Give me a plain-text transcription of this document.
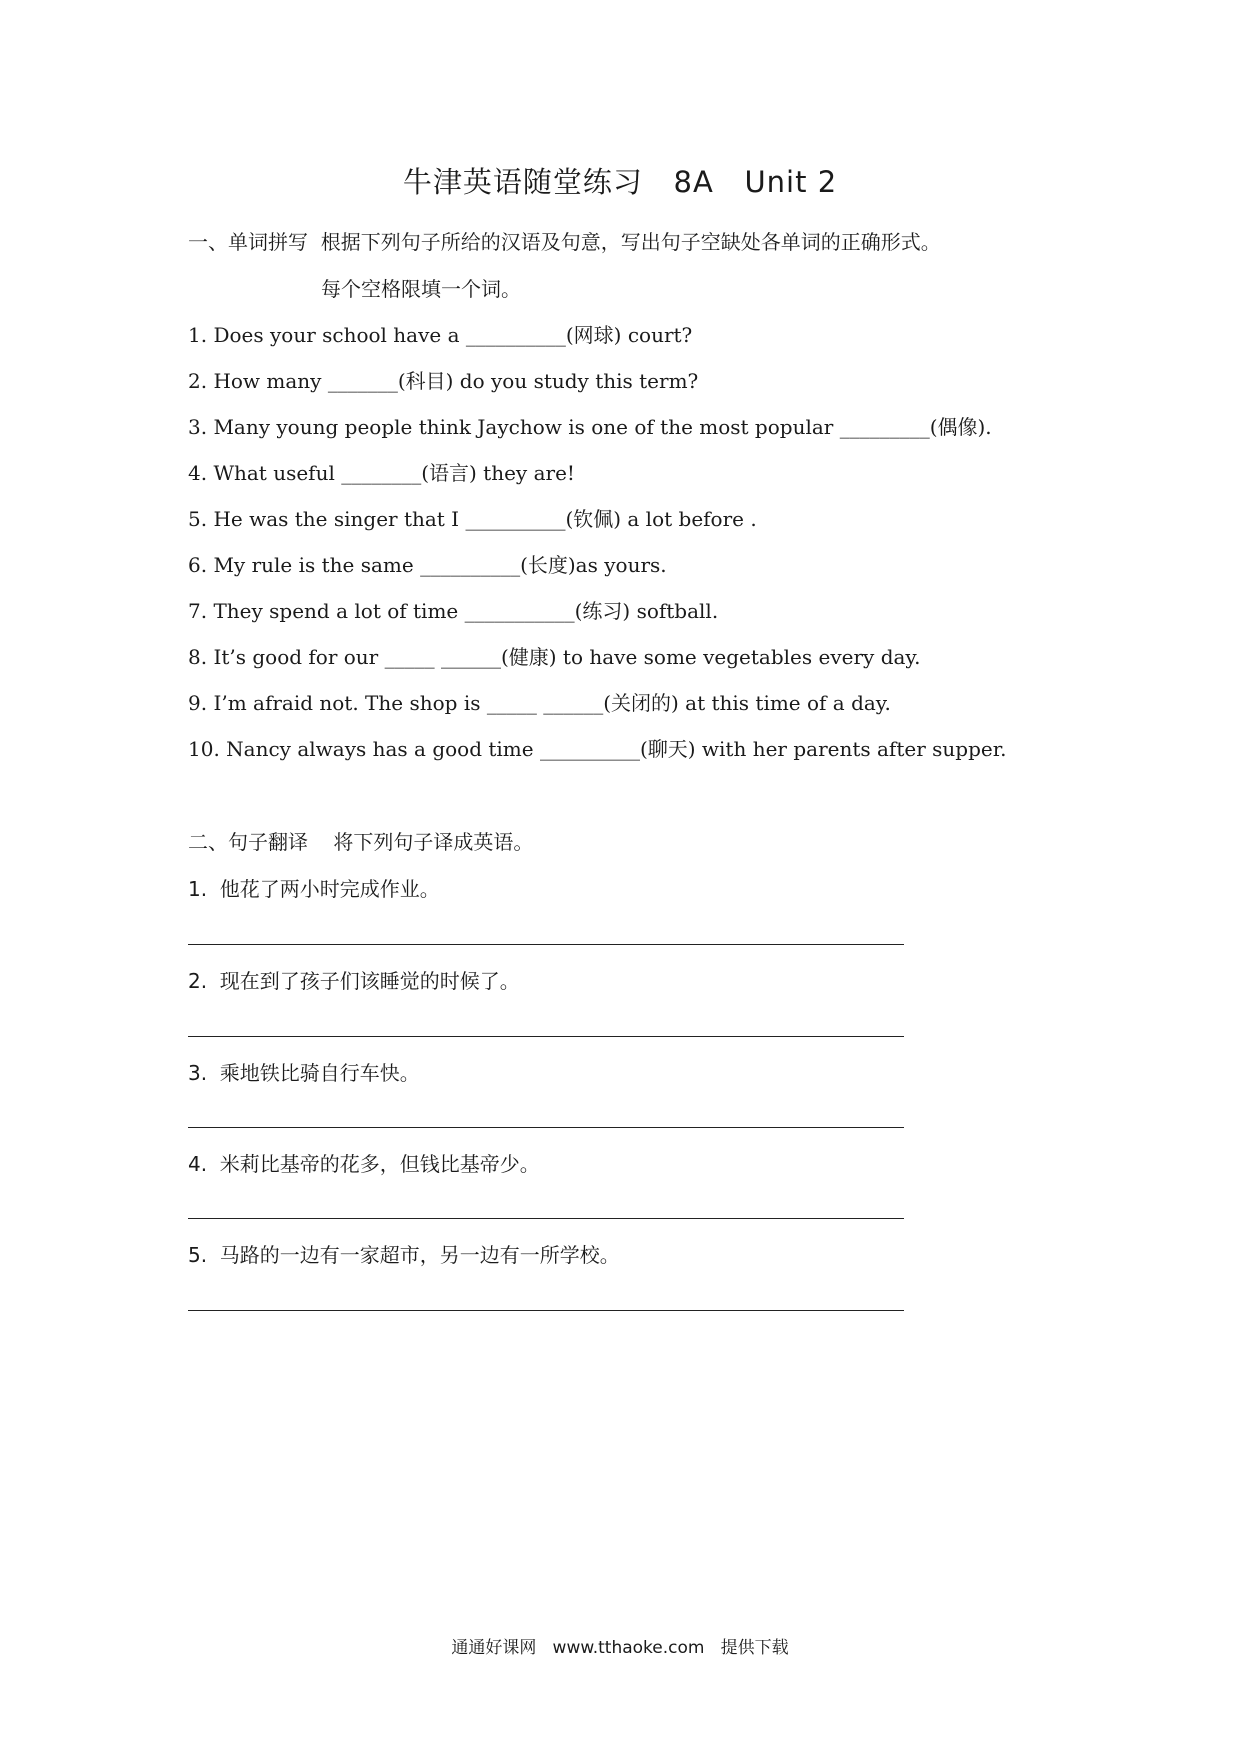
牛津英语随堂练习   8A   Unit 2
一、单词拼写  根据下列句子所给的汉语及句意，写出句子空缺处各单词的正确形式。
每个空格限填一个词。
1. Does your school have a __________(网球) court?
2. How many _______(科目) do you study this term?
3. Many young people think Jaychow is one of the most popular _________(偶像).
4. What useful ________(语言) they are!
5. He was the singer that I __________(钦佩) a lot before .
6. My rule is the same __________(长度)as yours.
7. They spend a lot of time ___________(练习) softball.
8. It’s good for our _____ ______(健康) to have some vegetables every day.
9. I’m afraid not. The shop is _____ ______(关闭的) at this time of a day.
10. Nancy always has a good time __________(聊天) with her parents after supper.
二、句子翻译    将下列句子译成英语。
1.  他花了两小时完成作业。
2.  现在到了孩子们该睡觉的时候了。
3.  乘地铁比骑自行车快。
4.  米莉比基帝的花多，但钱比基帝少。
5.  马路的一边有一家超市，另一边有一所学校。
通通好课网   www.tthaoke.com   提供下载
